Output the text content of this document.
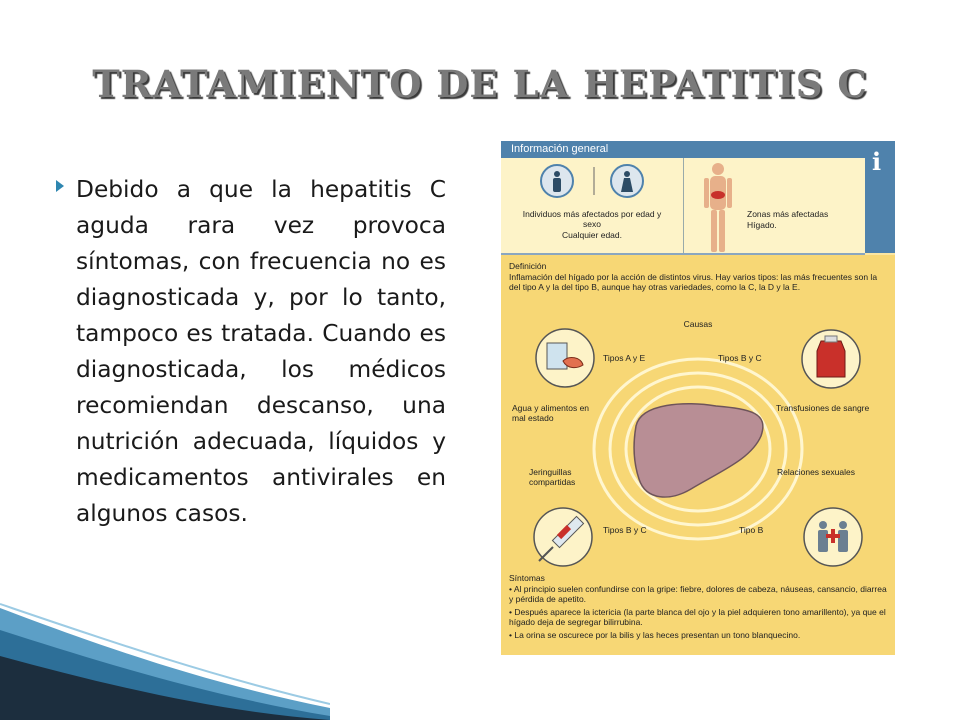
TRATAMIENTO DE LA HEPATITIS C
Debido a que la hepatitis C aguda rara vez provoca síntomas, con frecuencia no es diagnosticada y, por lo tanto, tampoco es tratada. Cuando es diagnosticada, los médicos recomiendan descanso, una nutrición adecuada, líquidos y medicamentos antivirales en algunos casos.
Información general	i
Individuos más afectados por edad y sexo
Cualquier edad.
Zonas más afectadas
Hígado.
Definición
Inflamación del hígado por la acción de distintos virus. Hay varios tipos: las más frecuentes son la del tipo A y la del tipo B, aunque hay otras variedades, como la C, la D y la E.
Causas
Tipos A y E
Agua y alimentos en mal estado
Tipos B y C
Transfusiones de sangre
Jeringuillas compartidas
Tipos B y C
Relaciones sexuales
Tipo B
Síntomas
• Al principio suelen confundirse con la gripe: fiebre, dolores de cabeza, náuseas, cansancio, diarrea y pérdida de apetito.
• Después aparece la ictericia (la parte blanca del ojo y la piel adquieren tono amarillento), ya que el hígado deja de segregar bilirrubina.
• La orina se oscurece por la bilis y las heces presentan un tono blanquecino.
